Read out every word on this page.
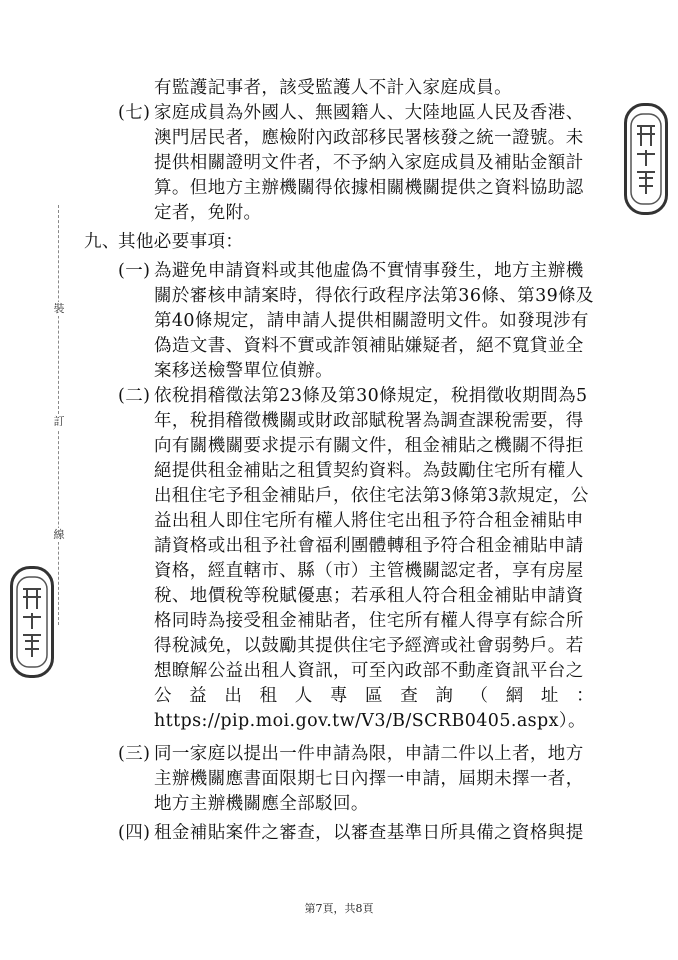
裝
訂
線
有監護記事者，該受監護人不計入家庭成員。
(七) 家庭成員為外國人、無國籍人、大陸地區人民及香港、
澳門居民者，應檢附內政部移民署核發之統一證號。未
提供相關證明文件者，不予納入家庭成員及補貼金額計
算。但地方主辦機關得依據相關機關提供之資料協助認
定者，免附。
九、
其他必要事項：
(一) 為避免申請資料或其他虛偽不實情事發生，地方主辦機
關於審核申請案時，得依行政程序法第36條、第39條及
第40條規定，請申請人提供相關證明文件。如發現涉有
偽造文書、資料不實或詐領補貼嫌疑者，絕不寬貸並全
案移送檢警單位偵辦。
(二) 依稅捐稽徵法第23條及第30條規定，稅捐徵收期間為5
年，稅捐稽徵機關或財政部賦稅署為調查課稅需要，得
向有關機關要求提示有關文件，租金補貼之機關不得拒
絕提供租金補貼之租賃契約資料。為鼓勵住宅所有權人
出租住宅予租金補貼戶，依住宅法第3條第3款規定，公
益出租人即住宅所有權人將住宅出租予符合租金補貼申
請資格或出租予社會福利團體轉租予符合租金補貼申請
資格，經直轄市、縣（市）主管機關認定者，享有房屋
稅、地價稅等稅賦優惠；若承租人符合租金補貼申請資
格同時為接受租金補貼者，住宅所有權人得享有綜合所
得稅減免，以鼓勵其提供住宅予經濟或社會弱勢戶。若
想瞭解公益出租人資訊，可至內政部不動產資訊平台之
公 益 出 租 人 專 區 查 詢 （ 網 址 ：
https://pip.moi.gov.tw/V3/B/SCRB0405.aspx）。
(三) 同一家庭以提出一件申請為限，申請二件以上者，地方
主辦機關應書面限期七日內擇一申請，屆期未擇一者，
地方主辦機關應全部駁回。
(四) 租金補貼案件之審查，以審查基準日所具備之資格與提
第7頁，共8頁
